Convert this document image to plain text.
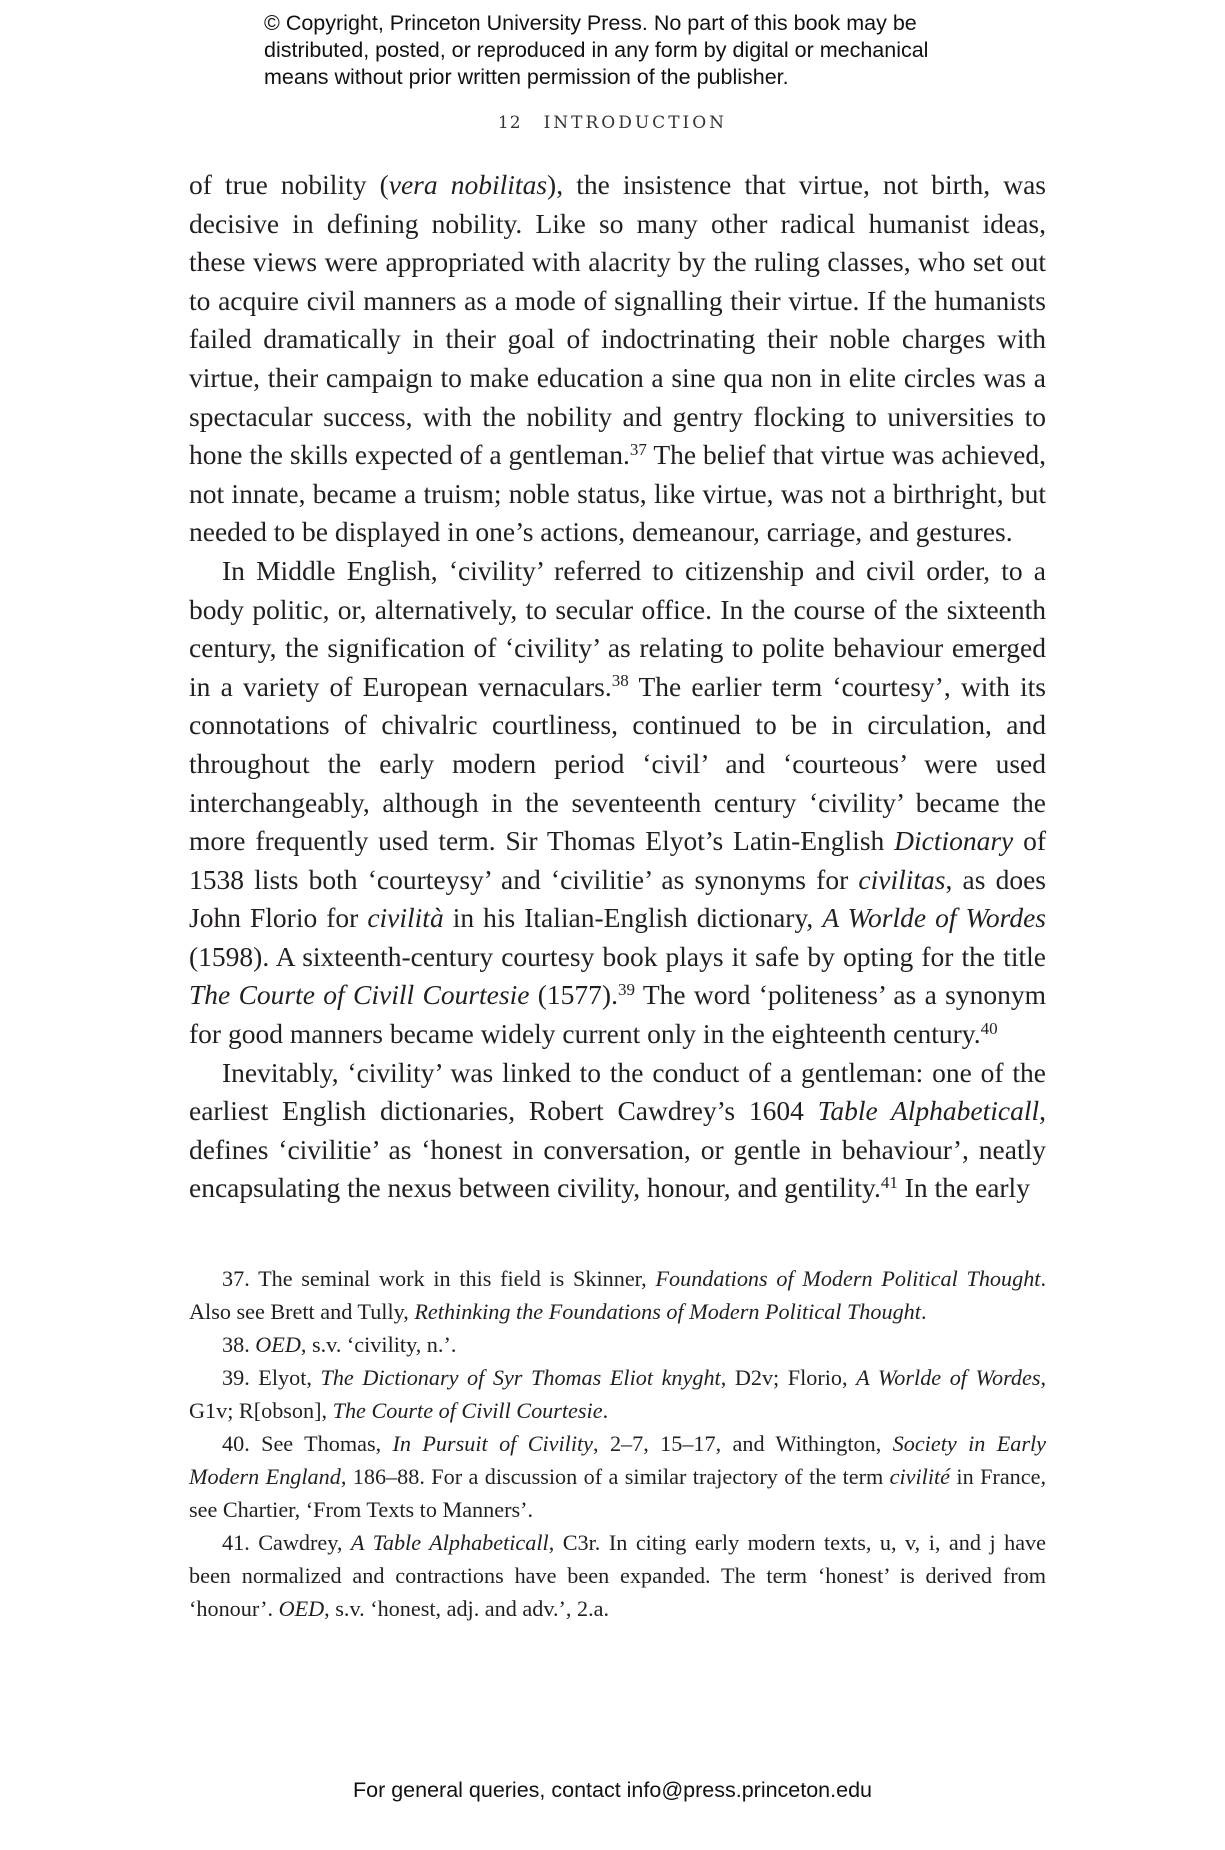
© Copyright, Princeton University Press. No part of this book may be
distributed, posted, or reproduced in any form by digital or mechanical
means without prior written permission of the publisher.
12 INTRODUCTION

of true nobility (vera nobilitas), the insistence that virtue, not birth, was decisive in defining nobility. Like so many other radical humanist ideas, these views were appropriated with alacrity by the ruling classes, who set out to acquire civil manners as a mode of signalling their virtue. If the humanists failed dramatically in their goal of indoctrinating their noble charges with virtue, their campaign to make education a sine qua non in elite circles was a spectacular success, with the nobility and gentry flocking to universities to hone the skills expected of a gentleman.$^{37}$ The belief that virtue was achieved, not innate, became a truism; noble status, like virtue, was not a birthright, but needed to be displayed in one’s actions, demeanour, carriage, and gestures.

In Middle English, ‘civility’ referred to citizenship and civil order, to a body politic, or, alternatively, to secular office. In the course of the sixteenth century, the signification of ‘civility’ as relating to polite behaviour emerged in a variety of European vernaculars.$^{38}$ The earlier term ‘courtesy’, with its connotations of chivalric courtliness, continued to be in circulation, and throughout the early modern period ‘civil’ and ‘courteous’ were used interchangeably, although in the seventeenth century ‘civility’ became the more frequently used term. Sir Thomas Elyot’s Latin-English Dictionary of 1538 lists both ‘courteysy’ and ‘civilitie’ as synonyms for civilitas, as does John Florio for civilità in his Italian-English dictionary, A Worlde of Wordes (1598). A sixteenth-century courtesy book plays it safe by opting for the title The Courte of Civill Courtesie (1577).$^{39}$ The word ‘politeness’ as a synonym for good manners became widely current only in the eighteenth century.$^{40}$

Inevitably, ‘civility’ was linked to the conduct of a gentleman: one of the earliest English dictionaries, Robert Cawdrey’s 1604 Table Alphabeticall, defines ‘civilitie’ as ‘honest in conversation, or gentle in behaviour’, neatly encapsulating the nexus between civility, honour, and gentility.$^{41}$ In the early

37. The seminal work in this field is Skinner, Foundations of Modern Political Thought. Also see Brett and Tully, Rethinking the Foundations of Modern Political Thought.

38. OED, s.v. ‘civility, n.’.

39. Elyot, The Dictionary of Syr Thomas Eliot knyght, D2v; Florio, A Worlde of Wordes, G1v; R[obson], The Courte of Civill Courtesie.

40. See Thomas, In Pursuit of Civility, 2–7, 15–17, and Withington, Society in Early Modern England, 186–88. For a discussion of a similar trajectory of the term civilité in France, see Chartier, ‘From Texts to Manners’.

41. Cawdrey, A Table Alphabeticall, C3r. In citing early modern texts, u, v, i, and j have been normalized and contractions have been expanded. The term ‘honest’ is derived from ‘honour’. OED, s.v. ‘honest, adj. and adv.’, 2.a.

For general queries, contact info@press.princeton.edu
